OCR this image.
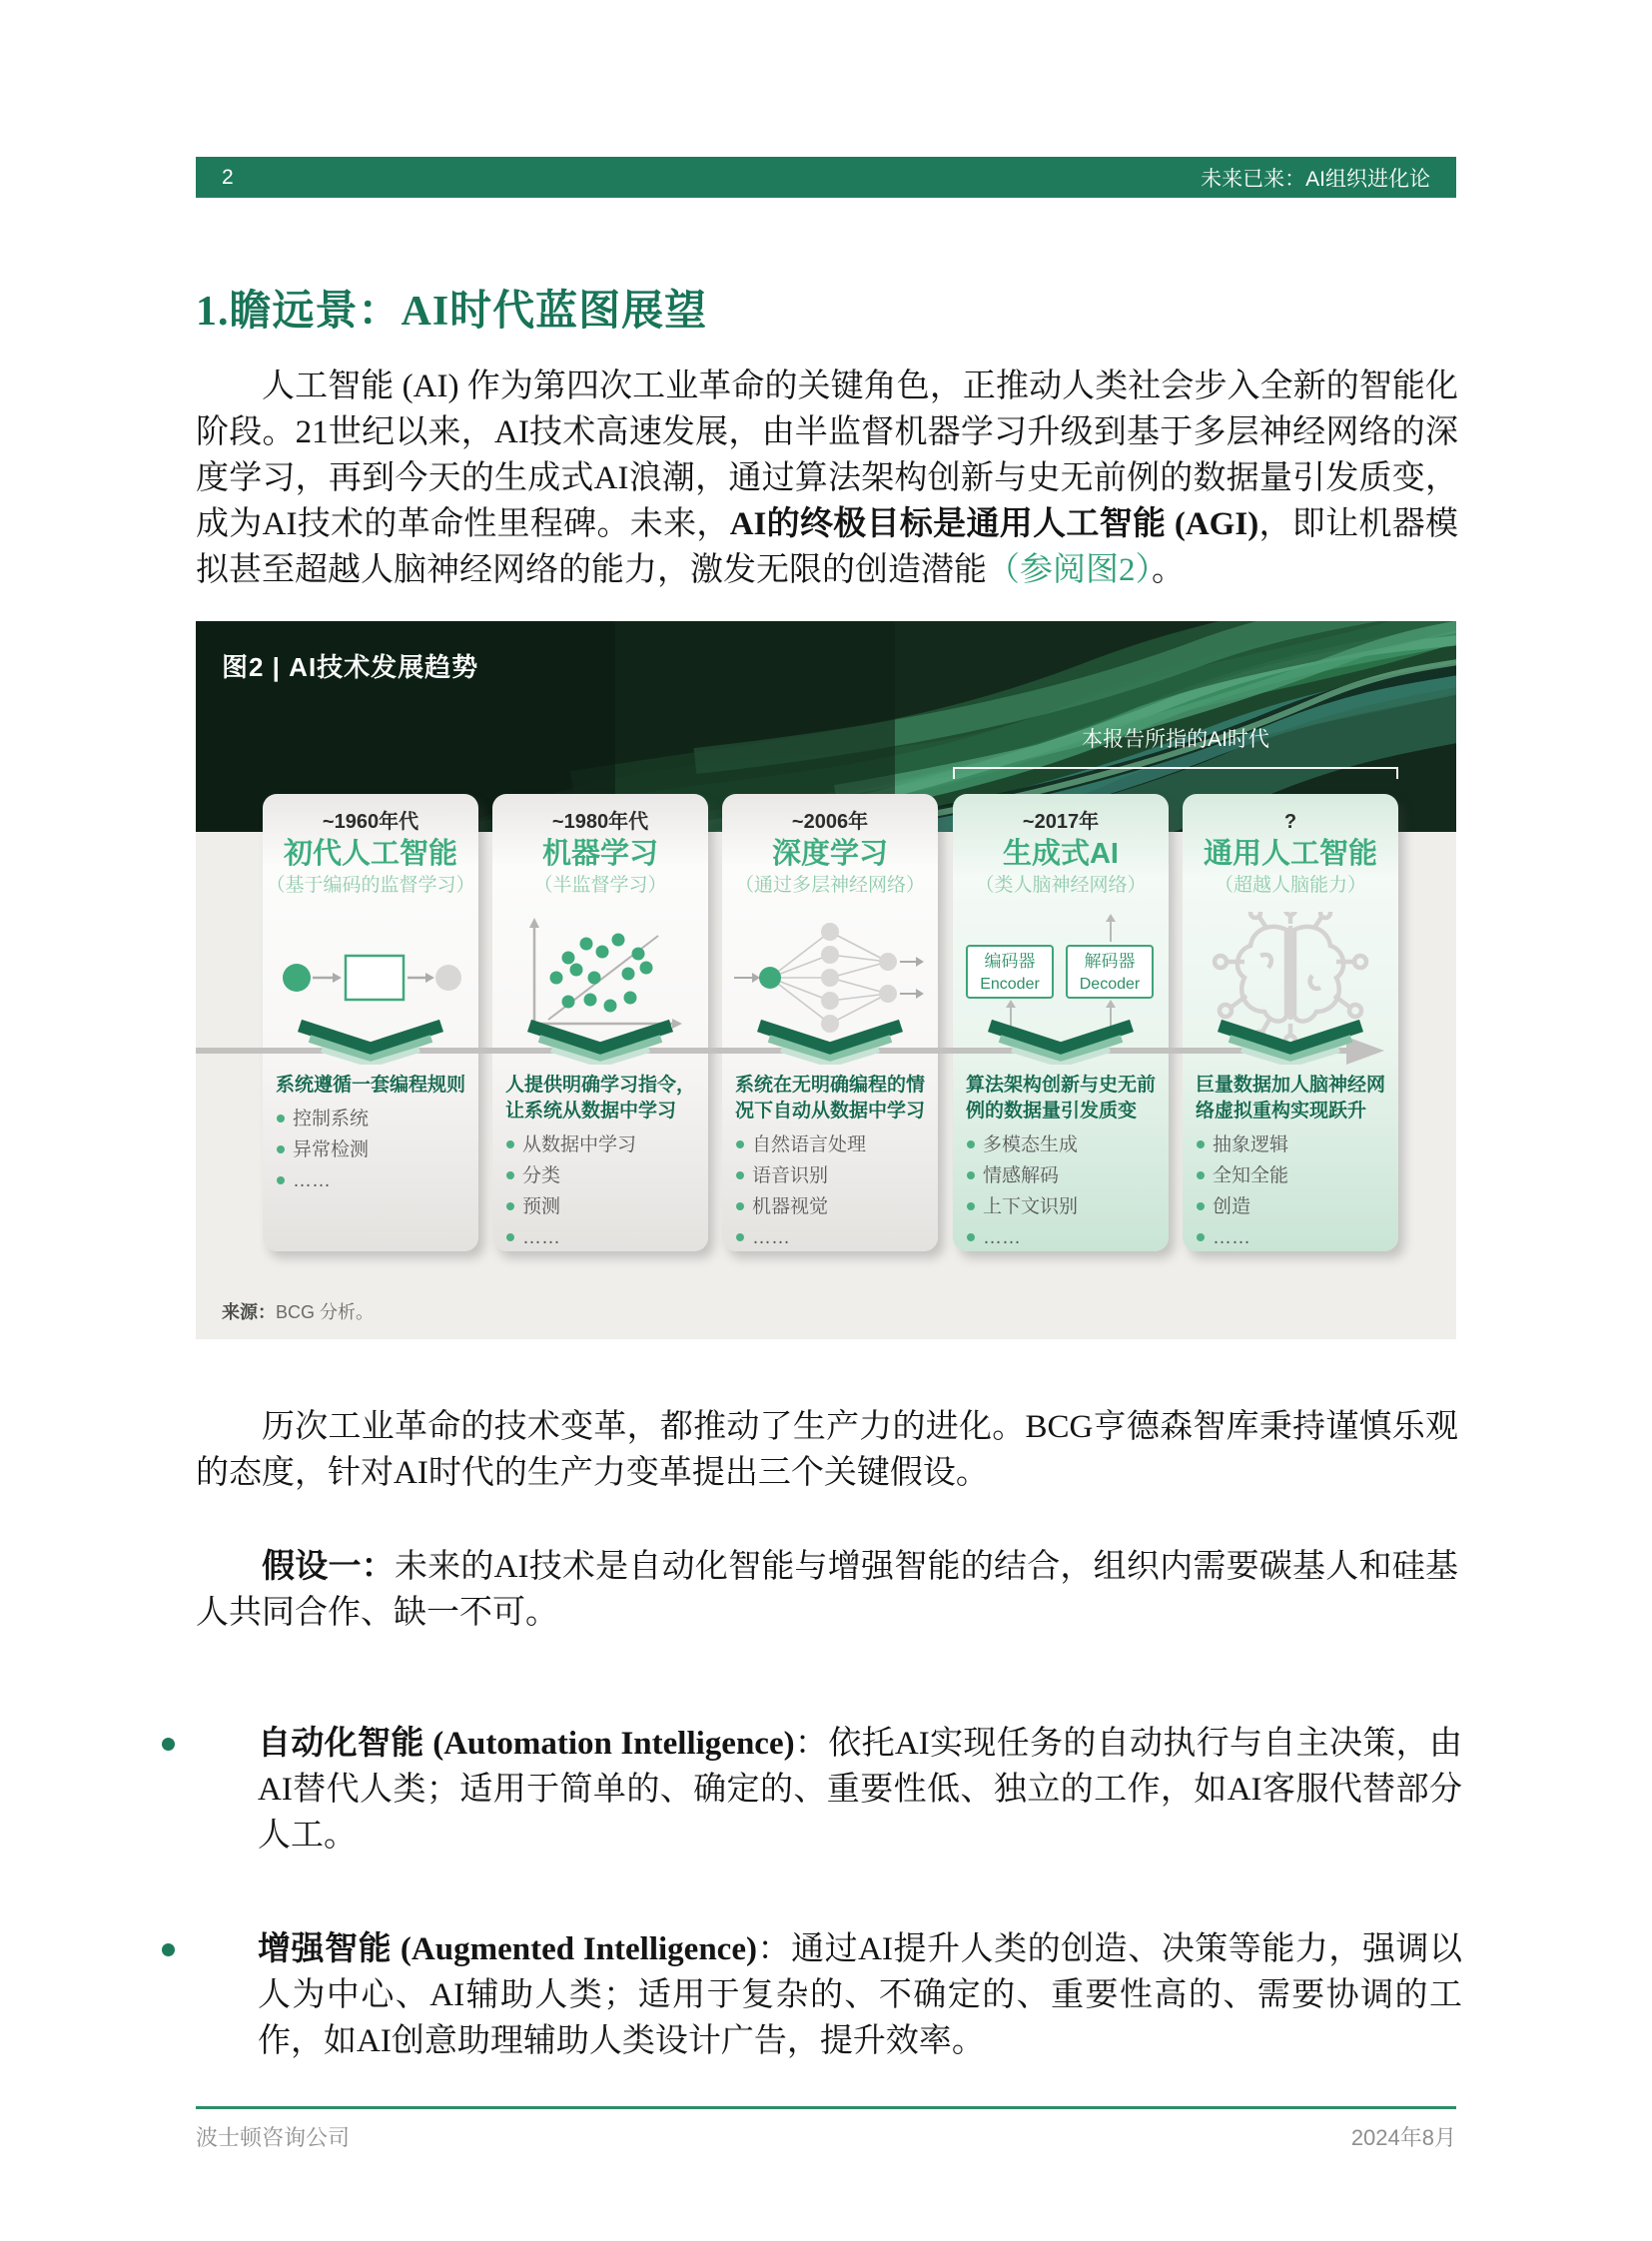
2	未来已来：AI组织进化论
1.瞻远景：AI时代蓝图展望

人工智能 (AI) 作为第四次工业革命的关键角色，正推动人类社会步入全新的智能化阶段。21世纪以来，AI技术高速发展，由半监督机器学习升级到基于多层神经网络的深度学习，再到今天的生成式AI浪潮，通过算法架构创新与史无前例的数据量引发质变，成为AI技术的革命性里程碑。未来，AI的终极目标是通用人工智能 (AGI)，即让机器模拟甚至超越人脑神经网络的能力，激发无限的创造潜能（参阅图2）。

图2 | AI技术发展趋势
本报告所指的AI时代
~1960年代
初代人工智能
（基于编码的监督学习）
系统遵循一套编程规则
控制系统
异常检测
……
~1980年代
机器学习
（半监督学习）
人提供明确学习指令，让系统从数据中学习
从数据中学习
分类
预测
……
~2006年
深度学习
（通过多层神经网络）
系统在无明确编程的情况下自动从数据中学习
自然语言处理
语音识别
机器视觉
……
~2017年
生成式AI
（类人脑神经网络）
编码器
Encoder
解码器
Decoder
算法架构创新与史无前例的数据量引发质变
多模态生成
情感解码
上下文识别
……
?
通用人工智能
（超越人脑能力）
巨量数据加人脑神经网络虚拟重构实现跃升
抽象逻辑
全知全能
创造
……
来源：BCG 分析。

历次工业革命的技术变革，都推动了生产力的进化。BCG亨德森智库秉持谨慎乐观的态度，针对AI时代的生产力变革提出三个关键假设。

假设一：未来的AI技术是自动化智能与增强智能的结合，组织内需要碳基人和硅基人共同合作、缺一不可。

自动化智能 (Automation Intelligence)：依托AI实现任务的自动执行与自主决策，由AI替代人类；适用于简单的、确定的、重要性低、独立的工作，如AI客服代替部分人工。
增强智能 (Augmented Intelligence)：通过AI提升人类的创造、决策等能力，强调以人为中心、AI辅助人类；适用于复杂的、不确定的、重要性高的、需要协调的工作，如AI创意助理辅助人类设计广告，提升效率。
波士顿咨询公司	2024年8月
